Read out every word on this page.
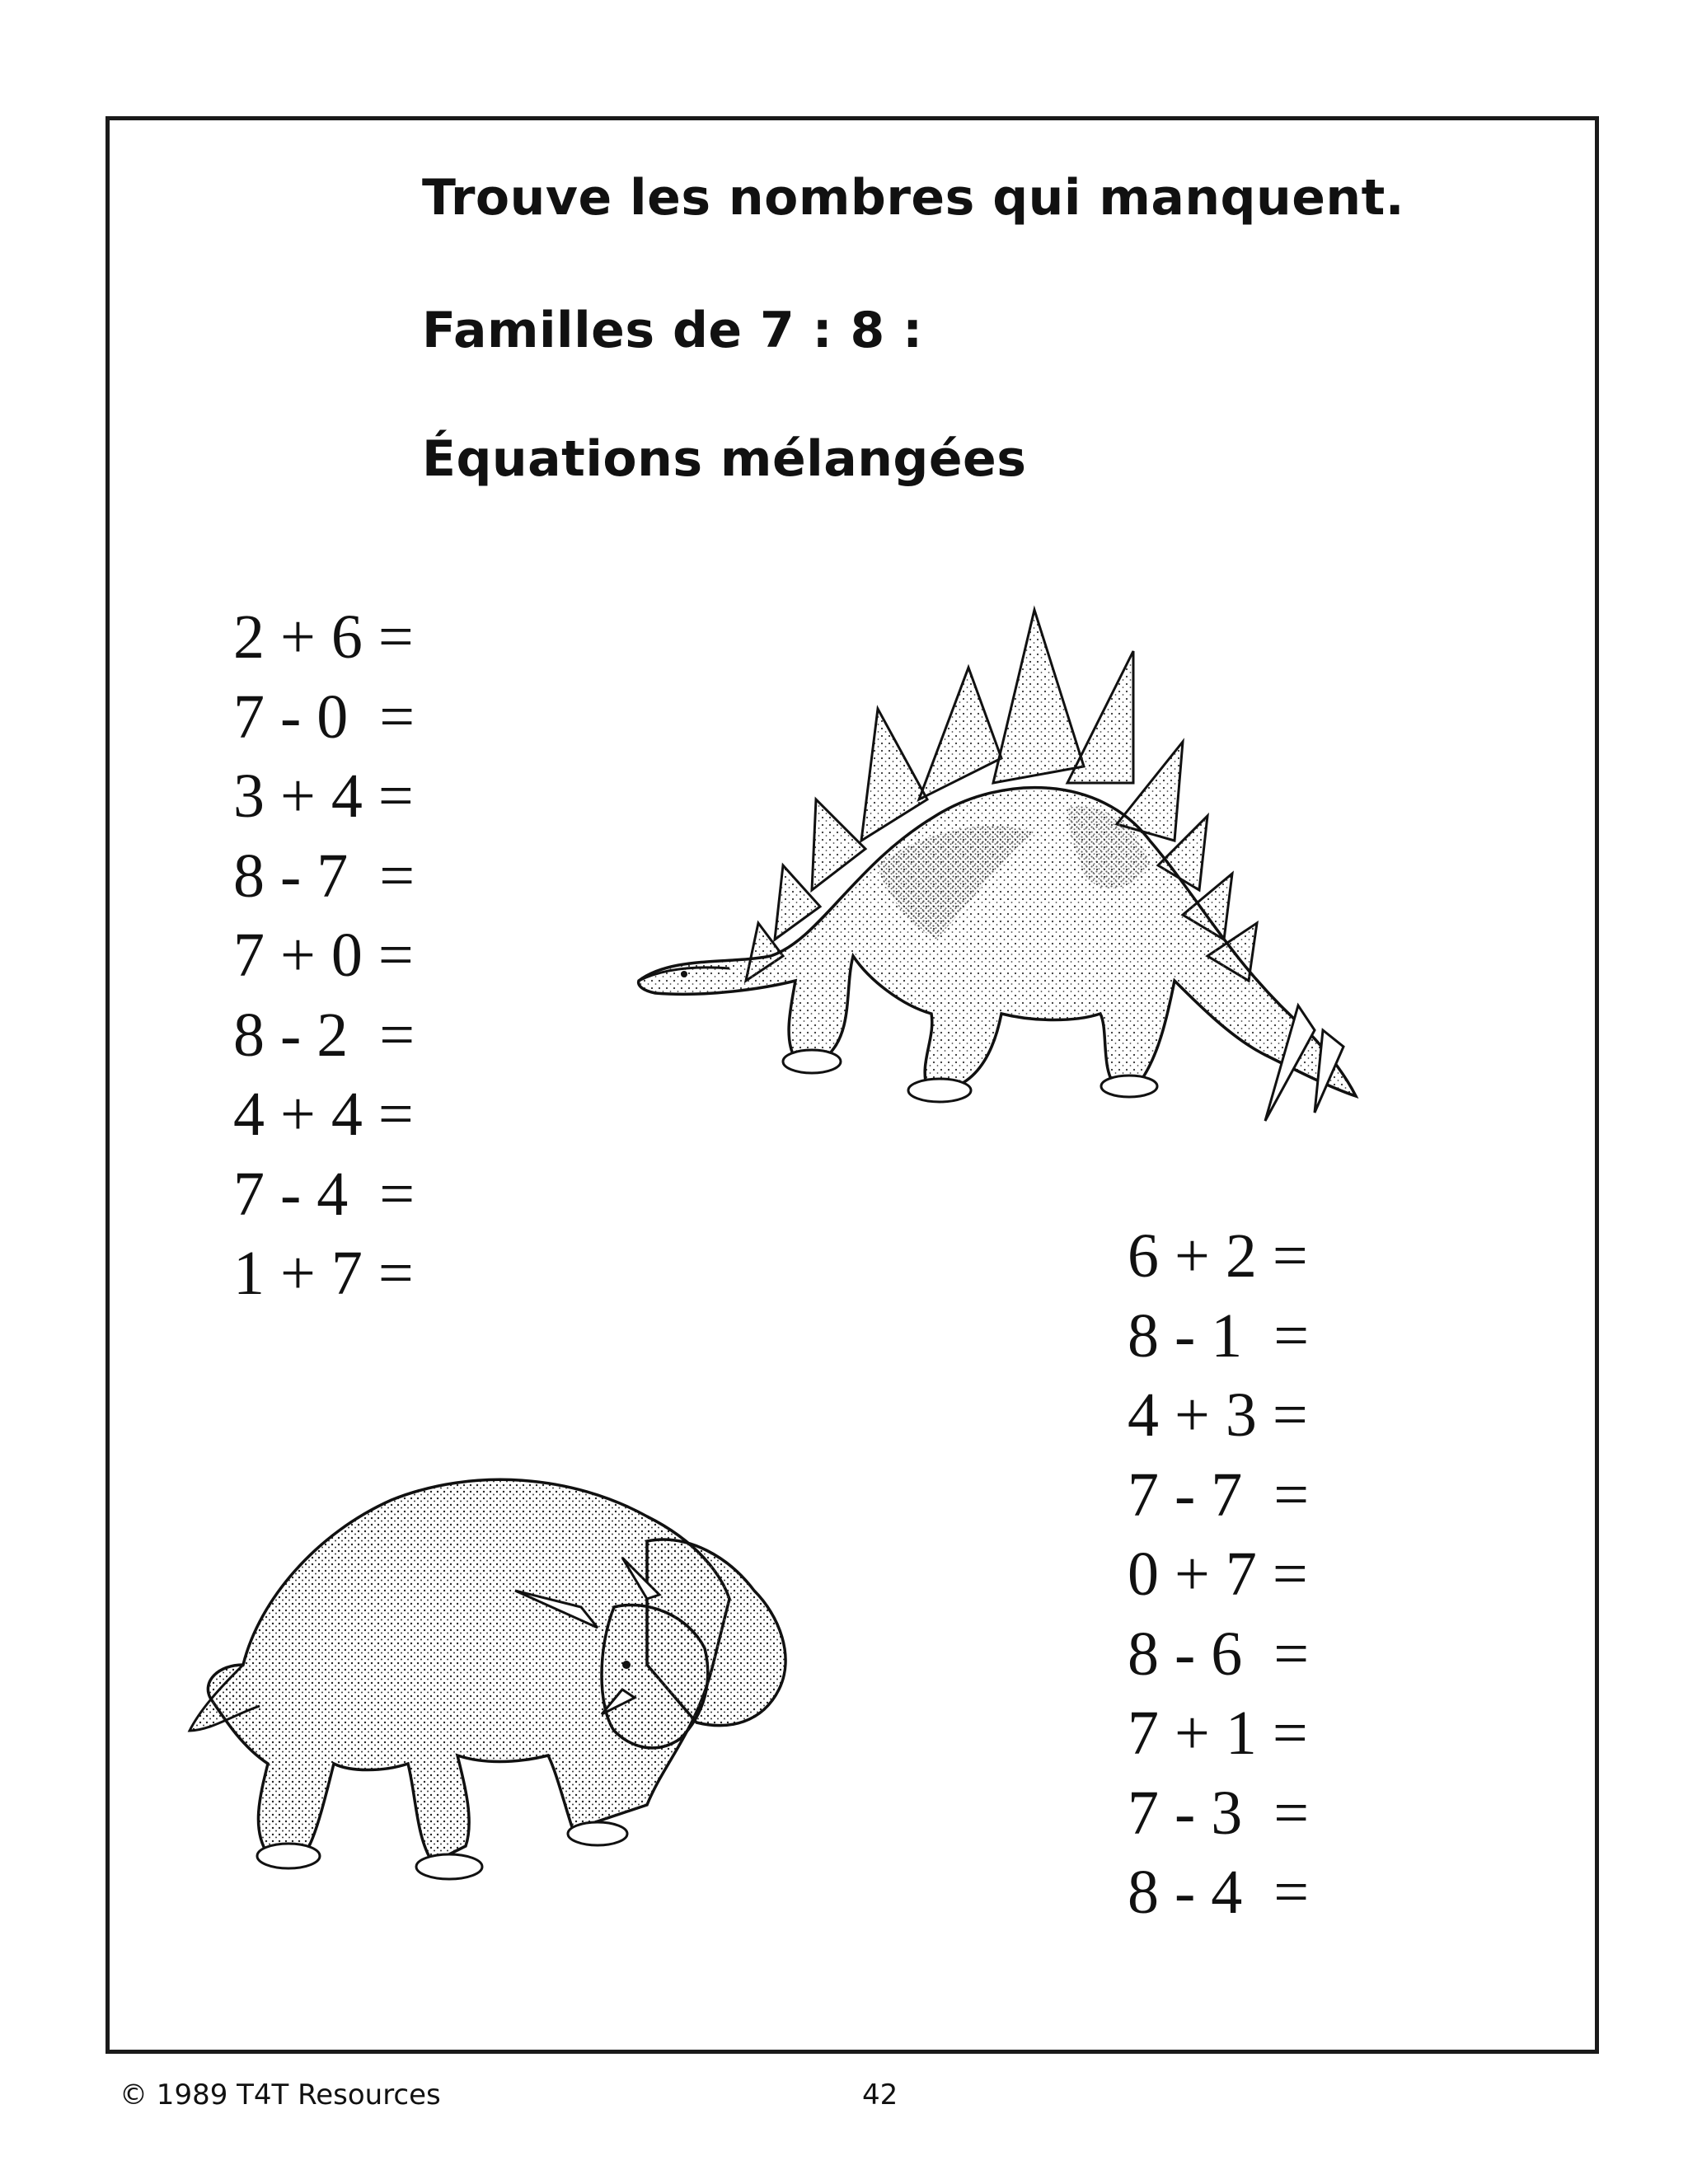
Trouve les nombres qui manquent.
Familles de 7 : 8 :
Équations mélangées
2 + 6 =
7 - 0  =
3 + 4 =
8 - 7  =
7 + 0 =
8 - 2  =
4 + 4 =
7 - 4  =
1 + 7 =	6 + 2 =
8 - 1  =
4 + 3 =
7 - 7  =
0 + 7 =
8 - 6  =
7 + 1 =
7 - 3  =
8 - 4  =
© 1989 T4T Resources	42
